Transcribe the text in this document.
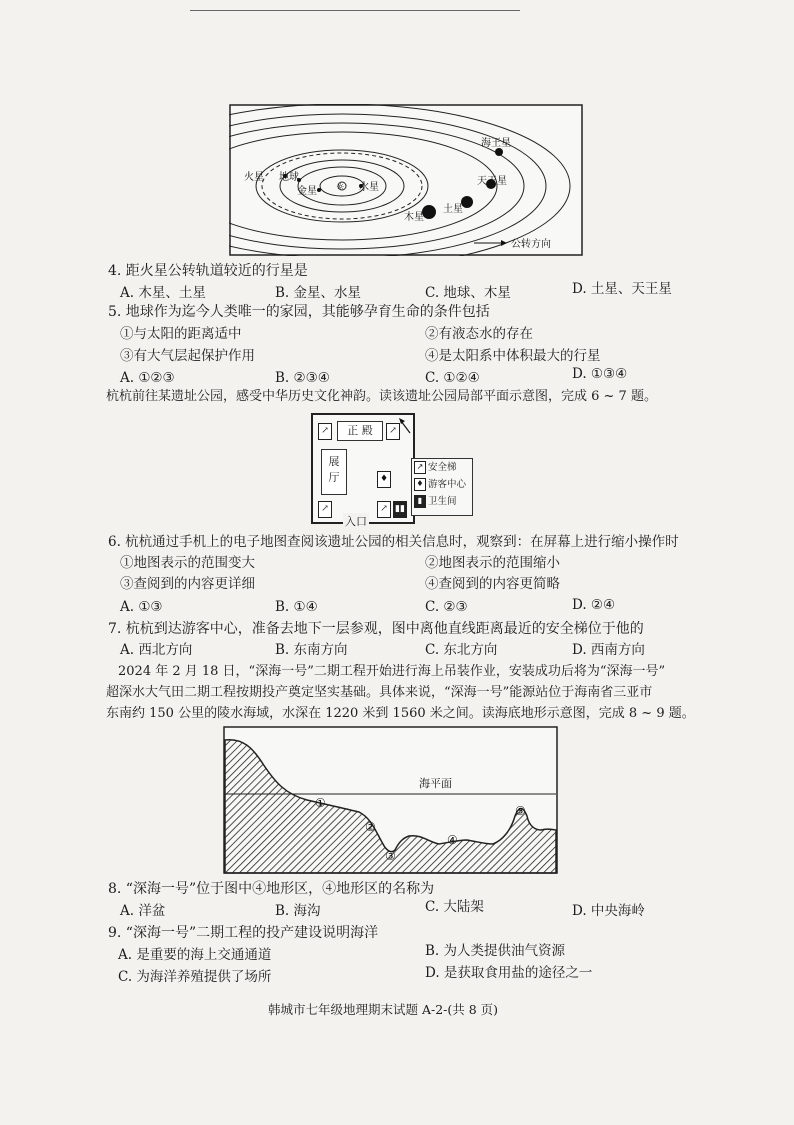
火星 地球
金星 ☼ 水星
木星
土星
天王星
海王星
公转方向
4. 距火星公转轨道较近的行星是
A. 木星、土星	B. 金星、水星	C. 地球、木星	D. 土星、天王星
5. 地球作为迄今人类唯一的家园，其能够孕育生命的条件包括
①与太阳的距离适中	②有液态水的存在
③有大气层起保护作用	④是太阳系中体积最大的行星
A. ①②③	B. ②③④	C. ①②④	D. ①③④
杭杭前往某遗址公园，感受中华历史文化神韵。读该遗址公园局部平面示意图，完成 6 ~ 7 题。
↗	正 殿	↗
展厅	♦
↗	↗ ▮▮
入口
↗ 安全梯
♦ 游客中心
▮ 卫生间
6. 杭杭通过手机上的电子地图查阅该遗址公园的相关信息时，观察到：在屏幕上进行缩小操作时
①地图表示的范围变大	②地图表示的范围缩小
③查阅到的内容更详细	④查阅到的内容更简略
A. ①③	B. ①④	C. ②③	D. ②④
7. 杭杭到达游客中心，准备去地下一层参观，图中离他直线距离最近的安全梯位于他的
A. 西北方向	B. 东南方向	C. 东北方向	D. 西南方向
2024 年 2 月 18 日，“深海一号”二期工程开始进行海上吊装作业，安装成功后将为“深海一号”
超深水大气田二期工程按期投产奠定坚实基础。具体来说，“深海一号”能源站位于海南省三亚市
东南约 150 公里的陵水海域，水深在 1220 米到 1560 米之间。读海底地形示意图，完成 8 ~ 9 题。
海平面
①
②
③
④
⑤
8. “深海一号”位于图中④地形区，④地形区的名称为
A. 洋盆	B. 海沟	C. 大陆架	D. 中央海岭
9. “深海一号”二期工程的投产建设说明海洋
A. 是重要的海上交通通道	B. 为人类提供油气资源
C. 为海洋养殖提供了场所	D. 是获取食用盐的途径之一
韩城市七年级地理期末试题 A-2-(共 8 页)
